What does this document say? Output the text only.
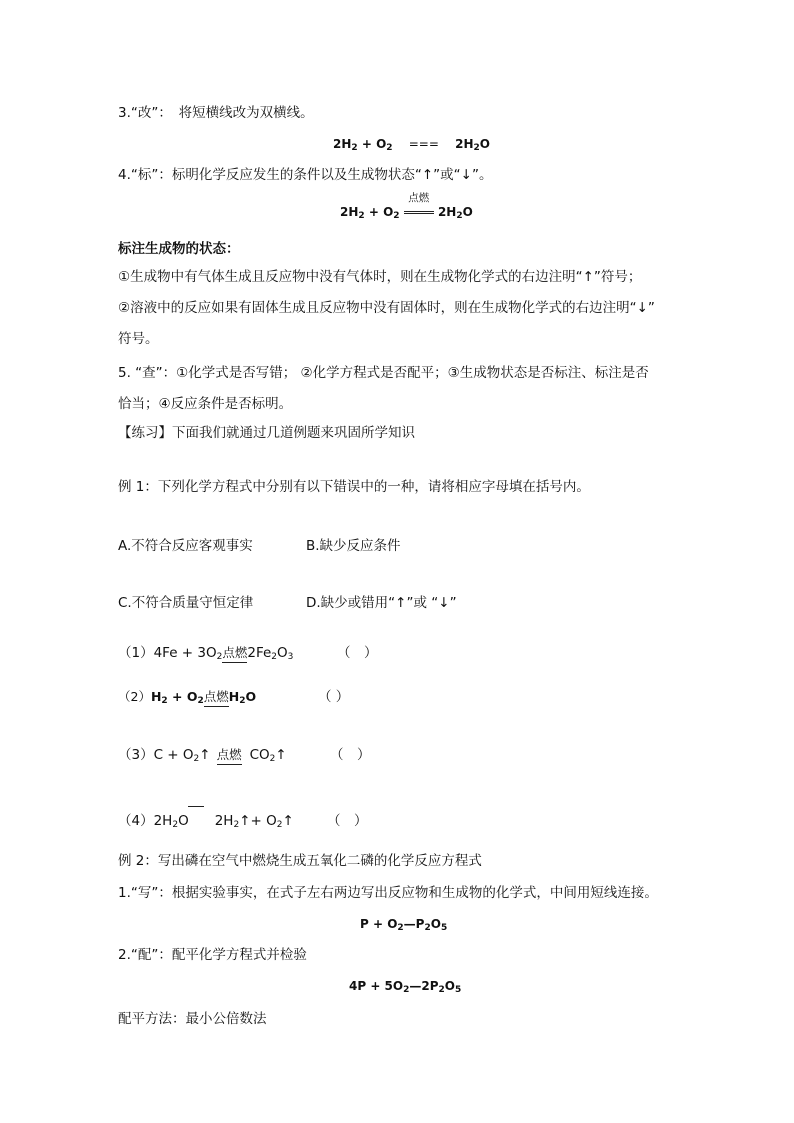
3.“改”：　将短横线改为双横线。
$2H_2 + O_2$ === $2H_2O$
4.“标”：标明化学反应发生的条件以及生成物状态“↑”或“↓”。
$2H_2 + O_2$
点燃
$2H_2O$
标注生成物的状态：
①生成物中有气体生成且反应物中没有气体时，则在生成物化学式的右边注明“↑”符号；
②溶液中的反应如果有固体生成且反应物中没有固体时，则在生成物化学式的右边注明“↓”
符号。
5. “查”：①化学式是否写错； ②化学方程式是否配平；③生成物状态是否标注、标注是否
恰当；④反应条件是否标明。
【练习】下面我们就通过几道例题来巩固所学知识
例 1：下列化学方程式中分别有以下错误中的一种，请将相应字母填在括号内。
A.不符合反应客观事实	B.缺少反应条件
C.不符合质量守恒定律	D.缺少或错用“↑”或 “↓”
$(1)4Fe + 3O_2$点燃$2Fe_2O_3$	（　）
$(2)H_2 + O_2$点燃$H_2O$	（ ）
$(3)C + O_2↑$ 点燃 $CO_2↑$	（　）
$(4)2H_2O$ $2H_2↑+$ $O_2↑$ （　）
例 2：写出磷在空气中燃烧生成五氧化二磷的化学反应方程式
1.“写”：根据实验事实，在式子左右两边写出反应物和生成物的化学式，中间用短线连接。
$P + O_2—P_2O_5$
2.“配”：配平化学方程式并检验
$4P + 5O_2—2P_2O_5$
配平方法：最小公倍数法
